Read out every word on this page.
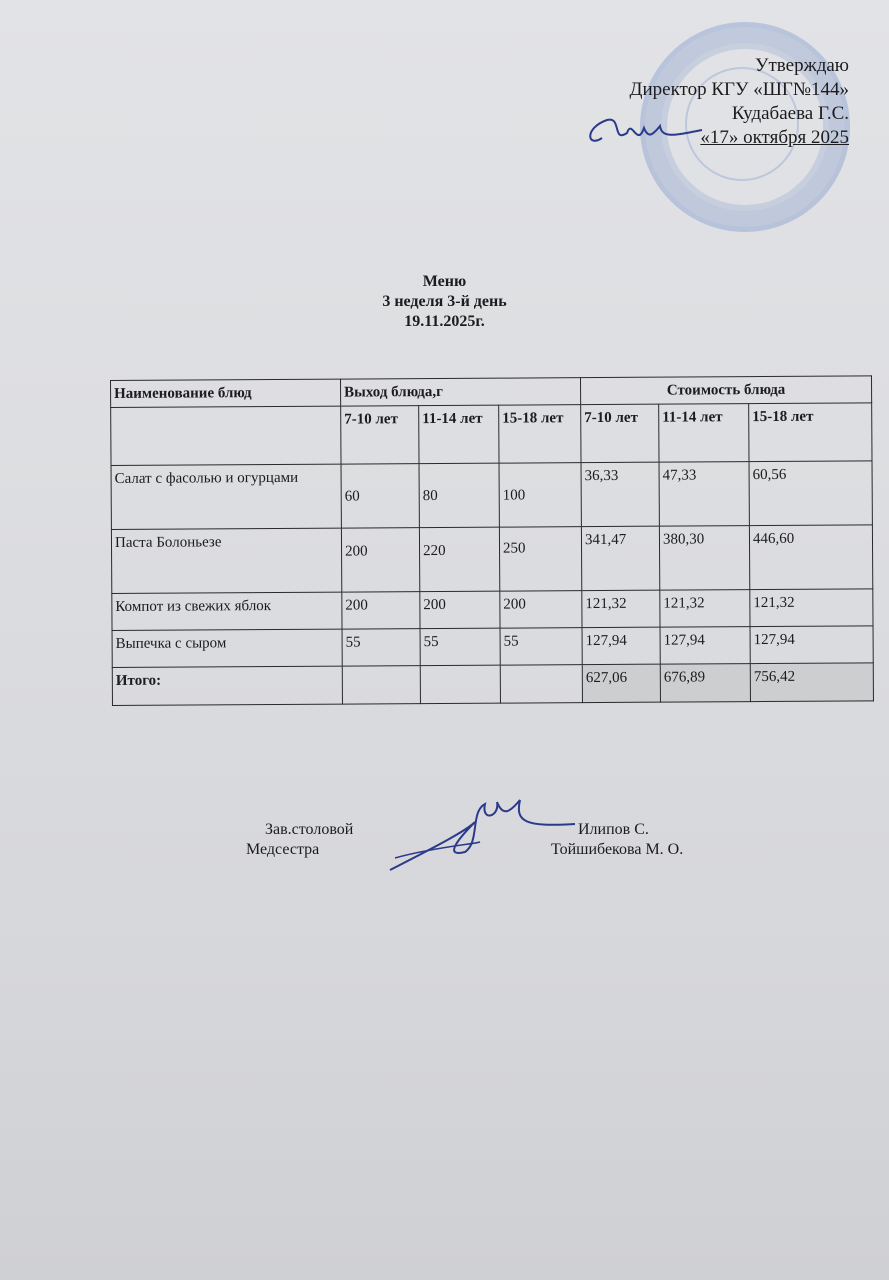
Утверждаю
Директор КГУ «ШГ№144»
Кудабаева Г.С.
«17» октября 2025
Меню
3 неделя 3-й день
19.11.2025г.
Наименование блюд	Выход блюда,г			Стоимость блюда		
	7-10 лет	11-14 лет	15-18 лет	7-10 лет	11-14 лет	15-18 лет
Салат с фасолью и огурцами	60	80	100	36,33	47,33	60,56
Паста Болоньезе	200	220	250	341,47	380,30	446,60
Компот из свежих яблок	200	200	200	121,32	121,32	121,32
Выпечка с сыром	55	55	55	127,94	127,94	127,94
Итого:				627,06	676,89	756,42
Зав.столовой
Медсестра
Илипов С.
Тойшибекова М. О.
